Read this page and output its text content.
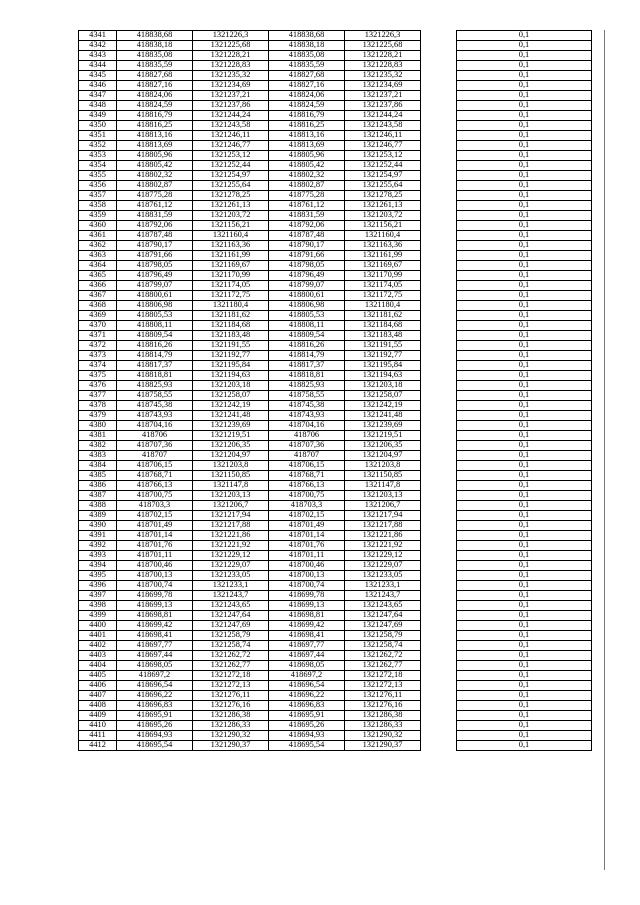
4341	418838,68	1321226,3	418838,68	1321226,3		0,1
4342	418838,18	1321225,68	418838,18	1321225,68		0,1
4343	418835,08	1321228,21	418835,08	1321228,21		0,1
4344	418835,59	1321228,83	418835,59	1321228,83		0,1
4345	418827,68	1321235,32	418827,68	1321235,32		0,1
4346	418827,16	1321234,69	418827,16	1321234,69		0,1
4347	418824,06	1321237,21	418824,06	1321237,21		0,1
4348	418824,59	1321237,86	418824,59	1321237,86		0,1
4349	418816,79	1321244,24	418816,79	1321244,24		0,1
4350	418816,25	1321243,58	418816,25	1321243,58		0,1
4351	418813,16	1321246,11	418813,16	1321246,11		0,1
4352	418813,69	1321246,77	418813,69	1321246,77		0,1
4353	418805,96	1321253,12	418805,96	1321253,12		0,1
4354	418805,42	1321252,44	418805,42	1321252,44		0,1
4355	418802,32	1321254,97	418802,32	1321254,97		0,1
4356	418802,87	1321255,64	418802,87	1321255,64		0,1
4357	418775,28	1321278,25	418775,28	1321278,25		0,1
4358	418761,12	1321261,13	418761,12	1321261,13		0,1
4359	418831,59	1321203,72	418831,59	1321203,72		0,1
4360	418792,06	1321156,21	418792,06	1321156,21		0,1
4361	418787,48	1321160,4	418787,48	1321160,4		0,1
4362	418790,17	1321163,36	418790,17	1321163,36		0,1
4363	418791,66	1321161,99	418791,66	1321161,99		0,1
4364	418798,05	1321169,67	418798,05	1321169,67		0,1
4365	418796,49	1321170,99	418796,49	1321170,99		0,1
4366	418799,07	1321174,05	418799,07	1321174,05		0,1
4367	418800,61	1321172,75	418800,61	1321172,75		0,1
4368	418806,98	1321180,4	418806,98	1321180,4		0,1
4369	418805,53	1321181,62	418805,53	1321181,62		0,1
4370	418808,11	1321184,68	418808,11	1321184,68		0,1
4371	418809,54	1321183,48	418809,54	1321183,48		0,1
4372	418816,26	1321191,55	418816,26	1321191,55		0,1
4373	418814,79	1321192,77	418814,79	1321192,77		0,1
4374	418817,37	1321195,84	418817,37	1321195,84		0,1
4375	418818,81	1321194,63	418818,81	1321194,63		0,1
4376	418825,93	1321203,18	418825,93	1321203,18		0,1
4377	418758,55	1321258,07	418758,55	1321258,07		0,1
4378	418745,38	1321242,19	418745,38	1321242,19		0,1
4379	418743,93	1321241,48	418743,93	1321241,48		0,1
4380	418704,16	1321239,69	418704,16	1321239,69		0,1
4381	418706	1321219,51	418706	1321219,51		0,1
4382	418707,36	1321206,35	418707,36	1321206,35		0,1
4383	418707	1321204,97	418707	1321204,97		0,1
4384	418706,15	1321203,8	418706,15	1321203,8		0,1
4385	418768,71	1321150,85	418768,71	1321150,85		0,1
4386	418766,13	1321147,8	418766,13	1321147,8		0,1
4387	418700,75	1321203,13	418700,75	1321203,13		0,1
4388	418703,3	1321206,7	418703,3	1321206,7		0,1
4389	418702,15	1321217,94	418702,15	1321217,94		0,1
4390	418701,49	1321217,88	418701,49	1321217,88		0,1
4391	418701,14	1321221,86	418701,14	1321221,86		0,1
4392	418701,76	1321221,92	418701,76	1321221,92		0,1
4393	418701,11	1321229,12	418701,11	1321229,12		0,1
4394	418700,46	1321229,07	418700,46	1321229,07		0,1
4395	418700,13	1321233,05	418700,13	1321233,05		0,1
4396	418700,74	1321233,1	418700,74	1321233,1		0,1
4397	418699,78	1321243,7	418699,78	1321243,7		0,1
4398	418699,13	1321243,65	418699,13	1321243,65		0,1
4399	418698,81	1321247,64	418698,81	1321247,64		0,1
4400	418699,42	1321247,69	418699,42	1321247,69		0,1
4401	418698,41	1321258,79	418698,41	1321258,79		0,1
4402	418697,77	1321258,74	418697,77	1321258,74		0,1
4403	418697,44	1321262,72	418697,44	1321262,72		0,1
4404	418698,05	1321262,77	418698,05	1321262,77		0,1
4405	418697,2	1321272,18	418697,2	1321272,18		0,1
4406	418696,54	1321272,13	418696,54	1321272,13		0,1
4407	418696,22	1321276,11	418696,22	1321276,11		0,1
4408	418696,83	1321276,16	418696,83	1321276,16		0,1
4409	418695,91	1321286,38	418695,91	1321286,38		0,1
4410	418695,26	1321286,33	418695,26	1321286,33		0,1
4411	418694,93	1321290,32	418694,93	1321290,32		0,1
4412	418695,54	1321290,37	418695,54	1321290,37		0,1
